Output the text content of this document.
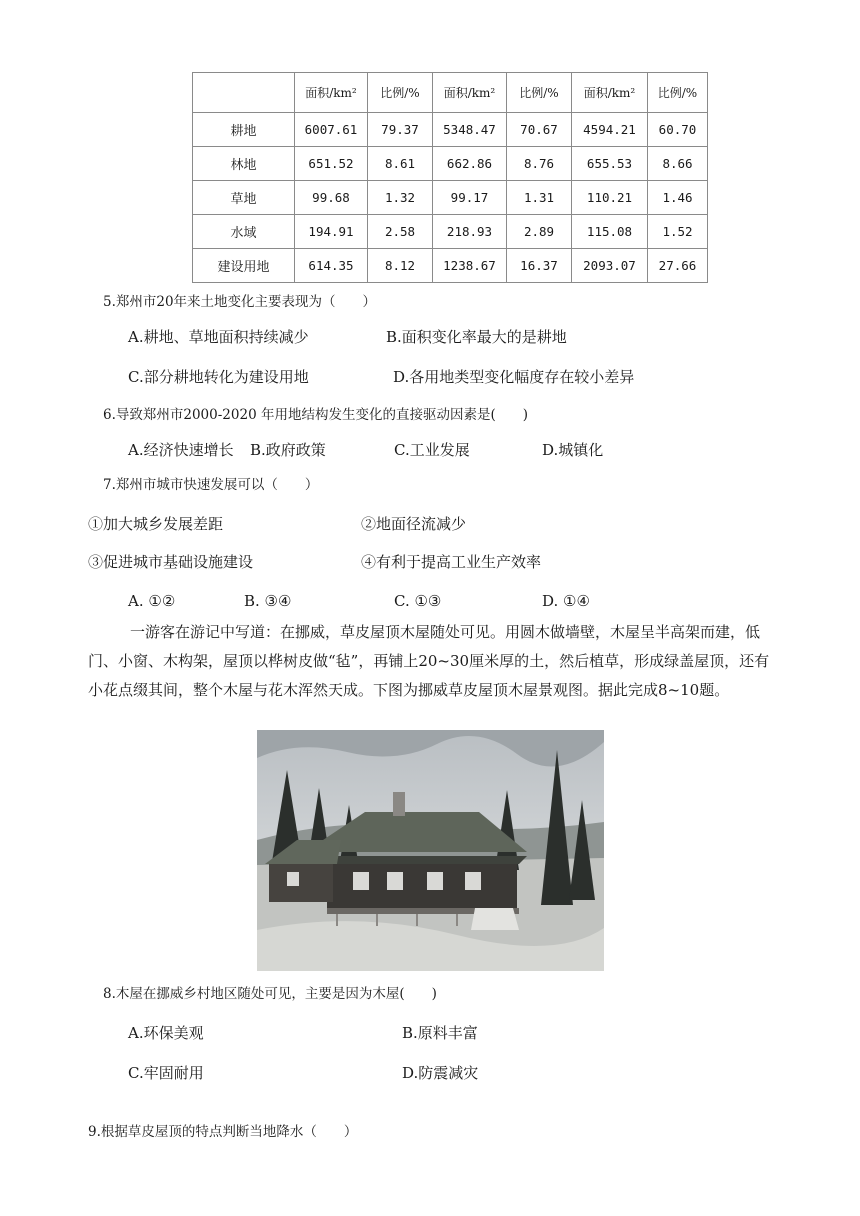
	面积/km²	比例/%	面积/km²	比例/%	面积/km²	比例/%
耕地	6007.61	79.37	5348.47	70.67	4594.21	60.70
林地	651.52	8.61	662.86	8.76	655.53	8.66
草地	99.68	1.32	99.17	1.31	110.21	1.46
水域	194.91	2.58	218.93	2.89	115.08	1.52
建设用地	614.35	8.12	1238.67	16.37	2093.07	27.66
5.郑州市20年来土地变化主要表现为（　　）
A.耕地、草地面积持续减少	B.面积变化率最大的是耕地
C.部分耕地转化为建设用地	D.各用地类型变化幅度存在较小差异
6.导致郑州市2000-2020 年用地结构发生变化的直接驱动因素是(　　)
A.经济快速增长 B.政府政策	C.工业发展	D.城镇化
7.郑州市城市快速发展可以（　　）
①加大城乡发展差距	②地面径流减少
③促进城市基础设施建设	④有利于提高工业生产效率
A. ①②	B. ③④	C. ①③	D. ①④
一游客在游记中写道：在挪威，草皮屋顶木屋随处可见。用圆木做墙壁，木屋呈半高架而建，低门、小窗、木构架，屋顶以桦树皮做“毡”，再铺上20~30厘米厚的土，然后植草，形成绿盖屋顶，还有小花点缀其间，整个木屋与花木浑然天成。下图为挪威草皮屋顶木屋景观图。据此完成8~10题。
8.木屋在挪威乡村地区随处可见，主要是因为木屋(　　)
A.环保美观	B.原料丰富
C.牢固耐用	D.防震减灾
9.根据草皮屋顶的特点判断当地降水（　　）
